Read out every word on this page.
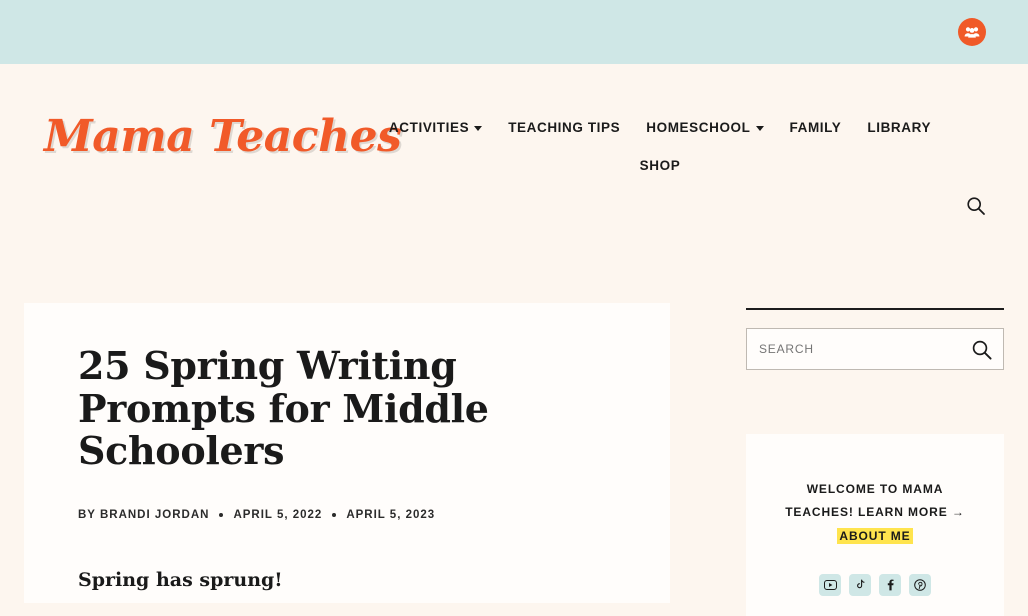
Mama Teaches
ACTIVITIES	TEACHING TIPS HOMESCHOOL	FAMILY LIBRARY
SHOP
25 Spring Writing Prompts for Middle Schoolers
BY BRANDI JORDAN APRIL 5, 2022 APRIL 5, 2023
Spring has sprung!
SEARCH
WELCOME TO MAMA
TEACHES! LEARN MORE →
ABOUT ME
